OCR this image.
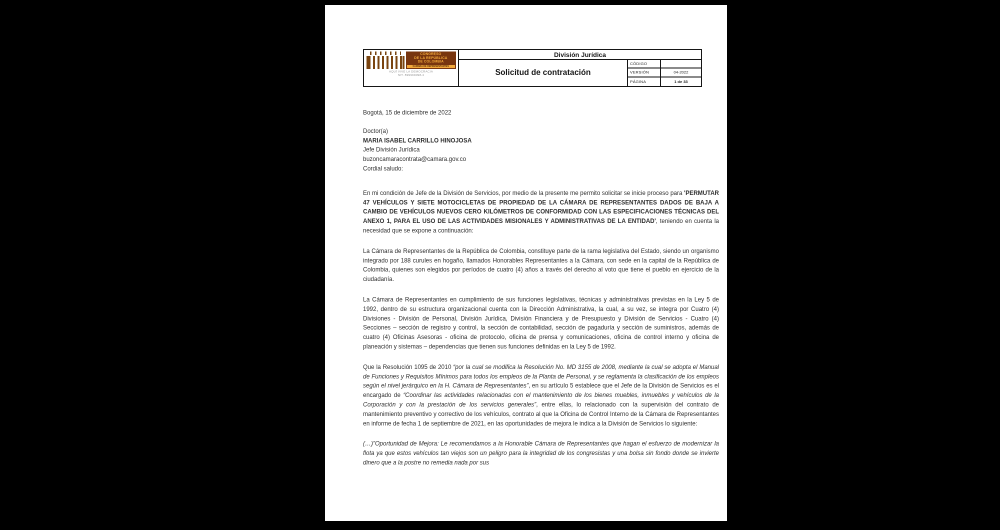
CONGRESO
DE LA REPÚBLICA
DE COLOMBIA
CÁMARA DE REPRESENTANTES
AQUÍ VIVE LA DEMOCRACIA
NIT. 899999098-4
División Jurídica
Solicitud de contratación
CÓDIGO
VERSIÓN	04-2022
PÁGINA	1 de 33
Bogotá, 15 de diciembre de 2022
Doctor(a)
MARIA ISABEL CARRILLO HINOJOSA
Jefe División Jurídica
buzoncamaracontrata@camara.gov.co
Cordial saludo:

En mi condición de Jefe de la División de Servicios, por medio de la presente me permito solicitar se inicie proceso para 'PERMUTAR 47 VEHÍCULOS Y SIETE MOTOCICLETAS DE PROPIEDAD DE LA CÁMARA DE REPRESENTANTES DADOS DE BAJA A CAMBIO DE VEHÍCULOS NUEVOS CERO KILÓMETROS DE CONFORMIDAD CON LAS ESPECIFICACIONES TÉCNICAS DEL ANEXO 1, PARA EL USO DE LAS ACTIVIDADES MISIONALES Y ADMINISTRATIVAS DE LA ENTIDAD', teniendo en cuenta la necesidad que se expone a continuación:

La Cámara de Representantes de la República de Colombia, constituye parte de la rama legislativa del Estado, siendo un organismo integrado por 188 curules en hogaño, llamados Honorables Representantes a la Cámara, con sede en la capital de la República de Colombia, quienes son elegidos por períodos de cuatro (4) años a través del derecho al voto que tiene el pueblo en ejercicio de la ciudadanía.

La Cámara de Representantes en cumplimiento de sus funciones legislativas, técnicas y administrativas previstas en la Ley 5 de 1992, dentro de su estructura organizacional cuenta con la Dirección Administrativa, la cual, a su vez, se integra por Cuatro (4) Divisiones - División de Personal, División Jurídica, División Financiera y de Presupuesto y División de Servicios - Cuatro (4) Secciones – sección de registro y control, la sección de contabilidad, sección de pagaduría y sección de suministros, además de cuatro (4) Oficinas Asesoras - oficina de protocolo, oficina de prensa y comunicaciones, oficina de control interno y oficina de planeación y sistemas – dependencias que tienen sus funciones definidas en la Ley 5 de 1992.

Que la Resolución 1095 de 2010 “por la cual se modifica la Resolución No. MD 3155 de 2008, mediante la cual se adopta el Manual de Funciones y Requisitos Mínimos para todos los empleos de la Planta de Personal, y se reglamenta la clasificación de los empleos según el nivel jerárquico en la H. Cámara de Representantes”, en su artículo 5 establece que el Jefe de la División de Servicios es el encargado de “Coordinar las actividades relacionadas con el mantenimiento de los bienes muebles, inmuebles y vehículos de la Corporación y con la prestación de los servicios generales”, entre ellas, lo relacionado con la supervisión del contrato de mantenimiento preventivo y correctivo de los vehículos, contrato al que la Oficina de Control Interno de la Cámara de Representantes en informe de fecha 1 de septiembre de 2021, en las oportunidades de mejora le indica a la División de Servicios lo siguiente:

(…)”Oportunidad de Mejora: Le recomendamos a la Honorable Cámara de Representantes que hagan el esfuerzo de modernizar la flota ya que estos vehículos tan viejos son un peligro para la integridad de los congresistas y una bolsa sin fondo donde se invierte dinero que a la postre no remedia nada por sus
